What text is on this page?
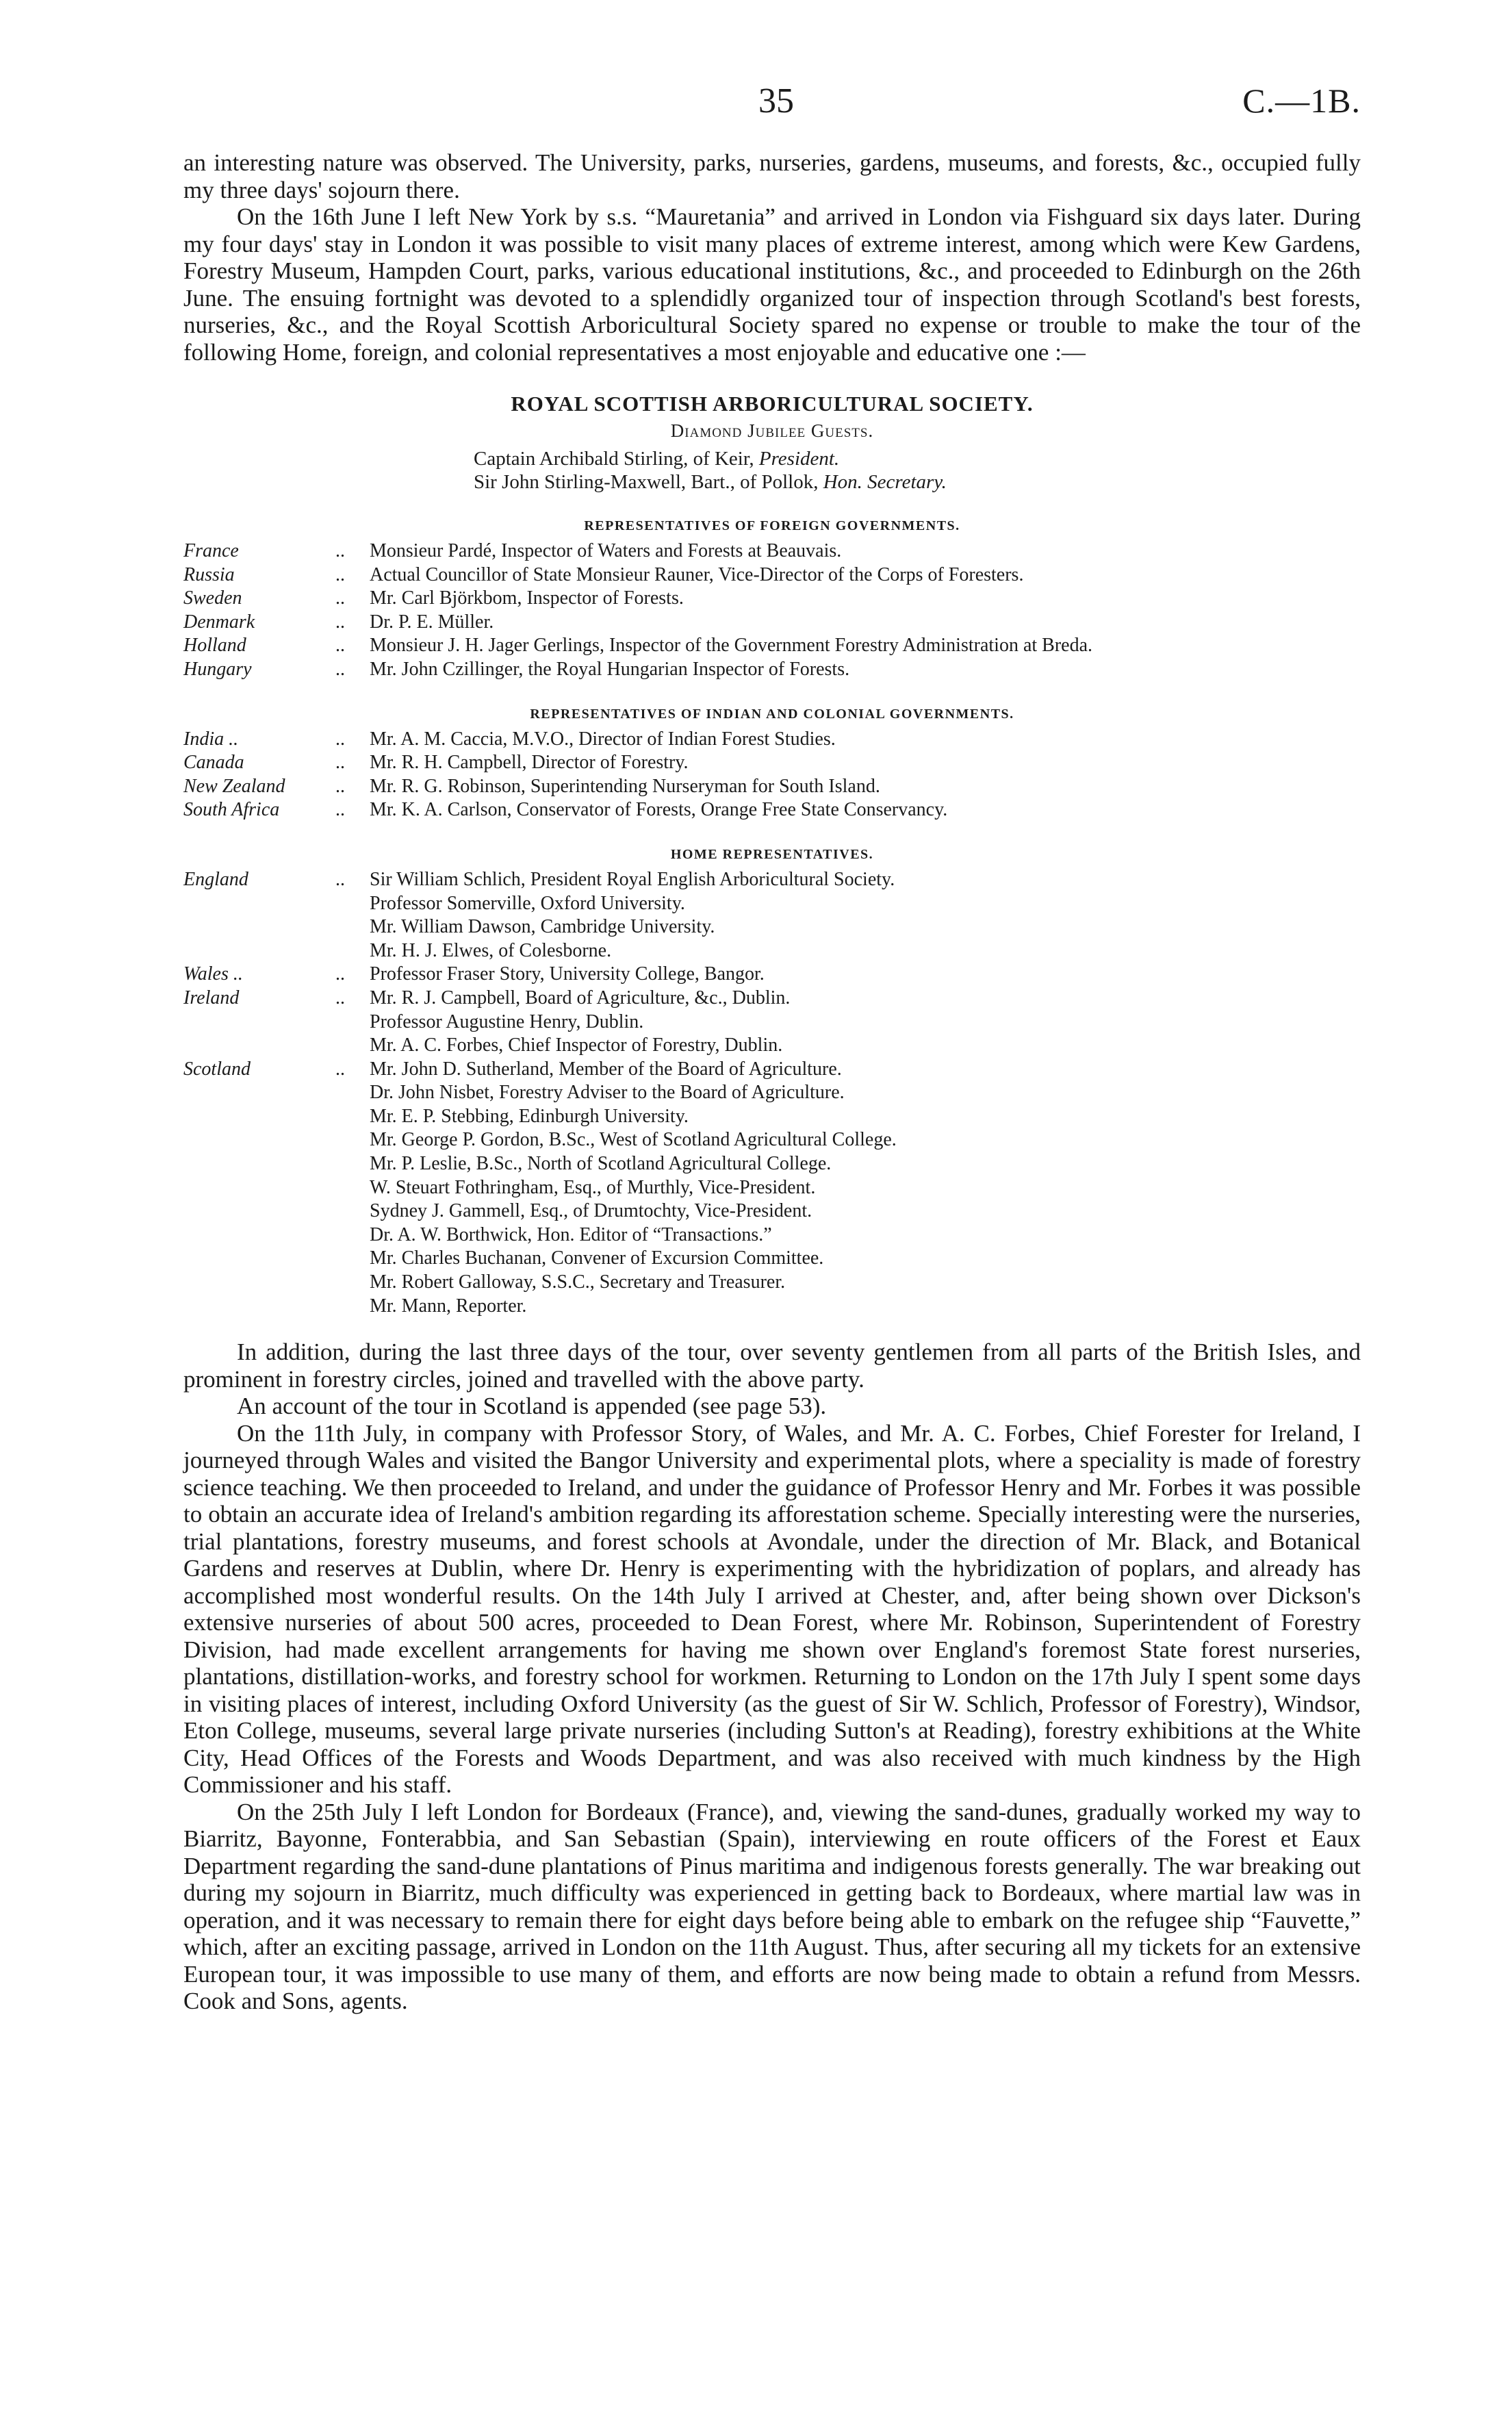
35	C.—1B.

an interesting nature was observed. The University, parks, nurseries, gardens, museums, and forests, &c., occupied fully my three days' sojourn there.

On the 16th June I left New York by s.s. “Mauretania” and arrived in London via Fishguard six days later. During my four days' stay in London it was possible to visit many places of extreme interest, among which were Kew Gardens, Forestry Museum, Hampden Court, parks, various educational institutions, &c., and proceeded to Edinburgh on the 26th June. The ensuing fortnight was devoted to a splendidly organized tour of inspection through Scotland's best forests, nurseries, &c., and the Royal Scottish Arboricultural Society spared no expense or trouble to make the tour of the following Home, foreign, and colonial representatives a most enjoyable and educative one :—

ROYAL SCOTTISH ARBORICULTURAL SOCIETY.
Diamond Jubilee Guests.
Captain Archibald Stirling, of Keir, President.
Sir John Stirling-Maxwell, Bart., of Pollok, Hon. Secretary.
REPRESENTATIVES OF FOREIGN GOVERNMENTS.
France	..	Monsieur Pardé, Inspector of Waters and Forests at Beauvais.
Russia	..	Actual Councillor of State Monsieur Rauner, Vice-Director of the Corps of Foresters.
Sweden	..	Mr. Carl Björkbom, Inspector of Forests.
Denmark	..	Dr. P. E. Müller.
Holland	..	Monsieur J. H. Jager Gerlings, Inspector of the Government Forestry Administration at Breda.
Hungary	..	Mr. John Czillinger, the Royal Hungarian Inspector of Forests.
REPRESENTATIVES OF INDIAN AND COLONIAL GOVERNMENTS.
India ..	..	Mr. A. M. Caccia, M.V.O., Director of Indian Forest Studies.
Canada	..	Mr. R. H. Campbell, Director of Forestry.
New Zealand	..	Mr. R. G. Robinson, Superintending Nurseryman for South Island.
South Africa	..	Mr. K. A. Carlson, Conservator of Forests, Orange Free State Conservancy.
HOME REPRESENTATIVES.
England	..	Sir William Schlich, President Royal English Arboricultural Society.
Professor Somerville, Oxford University.
Mr. William Dawson, Cambridge University.
Mr. H. J. Elwes, of Colesborne.
Wales ..	..	Professor Fraser Story, University College, Bangor.
Ireland	..	Mr. R. J. Campbell, Board of Agriculture, &c., Dublin.
Professor Augustine Henry, Dublin.
Mr. A. C. Forbes, Chief Inspector of Forestry, Dublin.
Scotland	..	Mr. John D. Sutherland, Member of the Board of Agriculture.
Dr. John Nisbet, Forestry Adviser to the Board of Agriculture.
Mr. E. P. Stebbing, Edinburgh University.
Mr. George P. Gordon, B.Sc., West of Scotland Agricultural College.
Mr. P. Leslie, B.Sc., North of Scotland Agricultural College.
W. Steuart Fothringham, Esq., of Murthly, Vice-President.
Sydney J. Gammell, Esq., of Drumtochty, Vice-President.
Dr. A. W. Borthwick, Hon. Editor of “Transactions.”
Mr. Charles Buchanan, Convener of Excursion Committee.
Mr. Robert Galloway, S.S.C., Secretary and Treasurer.
Mr. Mann, Reporter.

In addition, during the last three days of the tour, over seventy gentlemen from all parts of the British Isles, and prominent in forestry circles, joined and travelled with the above party.

An account of the tour in Scotland is appended (see page 53).

On the 11th July, in company with Professor Story, of Wales, and Mr. A. C. Forbes, Chief Forester for Ireland, I journeyed through Wales and visited the Bangor University and experimental plots, where a speciality is made of forestry science teaching. We then proceeded to Ireland, and under the guidance of Professor Henry and Mr. Forbes it was possible to obtain an accurate idea of Ireland's ambition regarding its afforestation scheme. Specially interesting were the nurseries, trial plantations, forestry museums, and forest schools at Avondale, under the direction of Mr. Black, and Botanical Gardens and reserves at Dublin, where Dr. Henry is experimenting with the hybridization of poplars, and already has accomplished most wonderful results. On the 14th July I arrived at Chester, and, after being shown over Dickson's extensive nurseries of about 500 acres, proceeded to Dean Forest, where Mr. Robinson, Superintendent of Forestry Division, had made excellent arrangements for having me shown over England's foremost State forest nurseries, plantations, distillation-works, and forestry school for workmen. Returning to London on the 17th July I spent some days in visiting places of interest, including Oxford University (as the guest of Sir W. Schlich, Professor of Forestry), Windsor, Eton College, museums, several large private nurseries (including Sutton's at Reading), forestry exhibitions at the White City, Head Offices of the Forests and Woods Department, and was also received with much kindness by the High Commissioner and his staff.

On the 25th July I left London for Bordeaux (France), and, viewing the sand-dunes, gradually worked my way to Biarritz, Bayonne, Fonterabbia, and San Sebastian (Spain), interviewing en route officers of the Forest et Eaux Department regarding the sand-dune plantations of Pinus maritima and indigenous forests generally. The war breaking out during my sojourn in Biarritz, much difficulty was experienced in getting back to Bordeaux, where martial law was in operation, and it was necessary to remain there for eight days before being able to embark on the refugee ship “Fauvette,” which, after an exciting passage, arrived in London on the 11th August. Thus, after securing all my tickets for an extensive European tour, it was impossible to use many of them, and efforts are now being made to obtain a refund from Messrs. Cook and Sons, agents.
